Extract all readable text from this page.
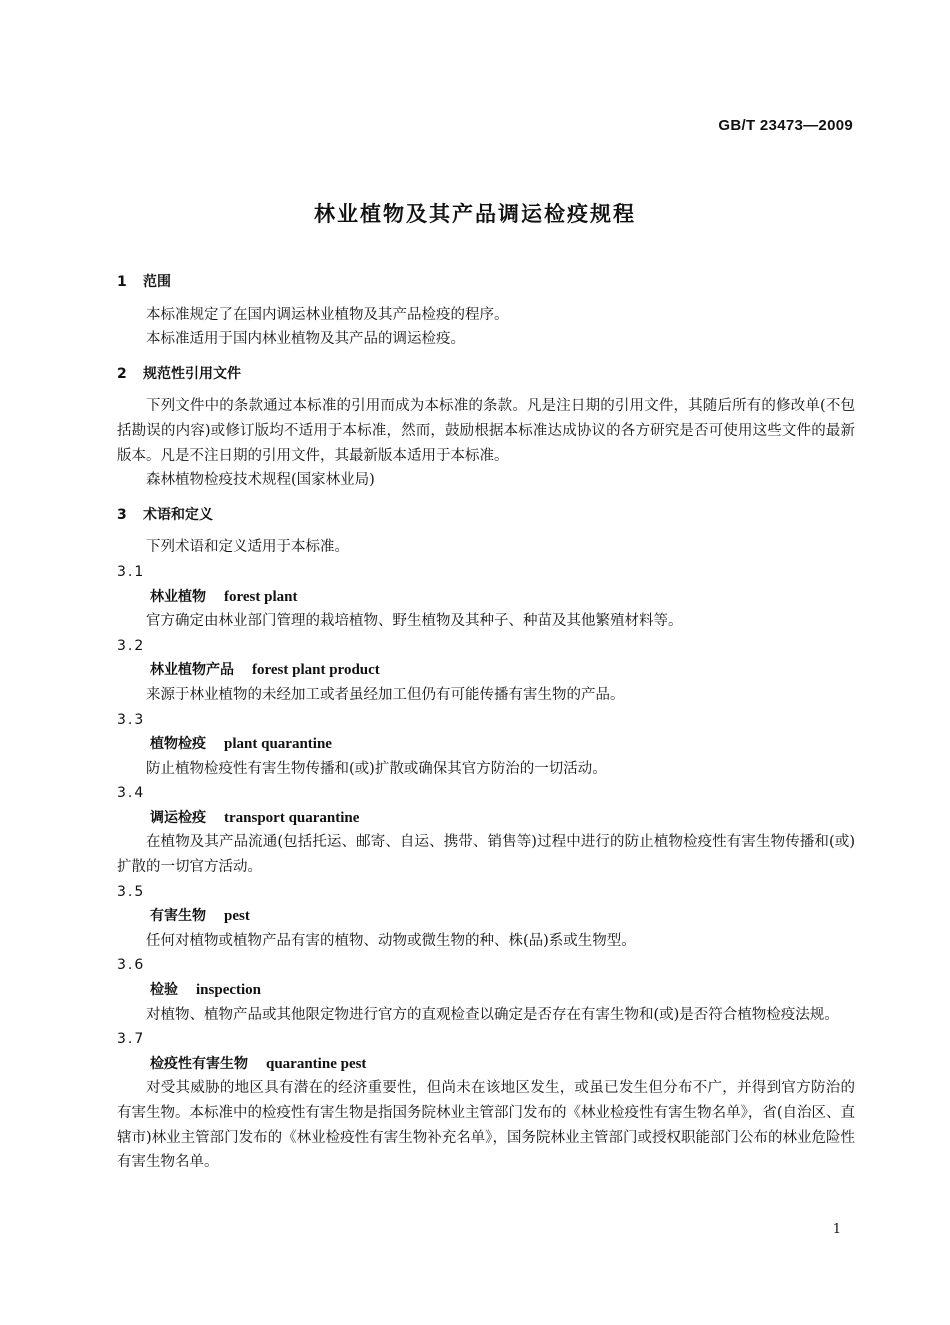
GB/T 23473—2009
林业植物及其产品调运检疫规程
1 范围

本标准规定了在国内调运林业植物及其产品检疫的程序。

本标准适用于国内林业植物及其产品的调运检疫。

2 规范性引用文件

下列文件中的条款通过本标准的引用而成为本标准的条款。凡是注日期的引用文件，其随后所有的修改单(不包括勘误的内容)或修订版均不适用于本标准，然而，鼓励根据本标准达成协议的各方研究是否可使用这些文件的最新版本。凡是不注日期的引用文件，其最新版本适用于本标准。

森林植物检疫技术规程(国家林业局)

3 术语和定义

下列术语和定义适用于本标准。

3.1
林业植物 forest plant

官方确定由林业部门管理的栽培植物、野生植物及其种子、种苗及其他繁殖材料等。

3.2
林业植物产品 forest plant product

来源于林业植物的未经加工或者虽经加工但仍有可能传播有害生物的产品。

3.3
植物检疫 plant quarantine

防止植物检疫性有害生物传播和(或)扩散或确保其官方防治的一切活动。

3.4
调运检疫 transport quarantine

在植物及其产品流通(包括托运、邮寄、自运、携带、销售等)过程中进行的防止植物检疫性有害生物传播和(或)扩散的一切官方活动。

3.5
有害生物 pest

任何对植物或植物产品有害的植物、动物或微生物的种、株(品)系或生物型。

3.6
检验 inspection

对植物、植物产品或其他限定物进行官方的直观检查以确定是否存在有害生物和(或)是否符合植物检疫法规。

3.7
检疫性有害生物 quarantine pest

对受其威胁的地区具有潜在的经济重要性，但尚未在该地区发生，或虽已发生但分布不广，并得到官方防治的有害生物。本标准中的检疫性有害生物是指国务院林业主管部门发布的《林业检疫性有害生物名单》，省(自治区、直辖市)林业主管部门发布的《林业检疫性有害生物补充名单》，国务院林业主管部门或授权职能部门公布的林业危险性有害生物名单。

1
